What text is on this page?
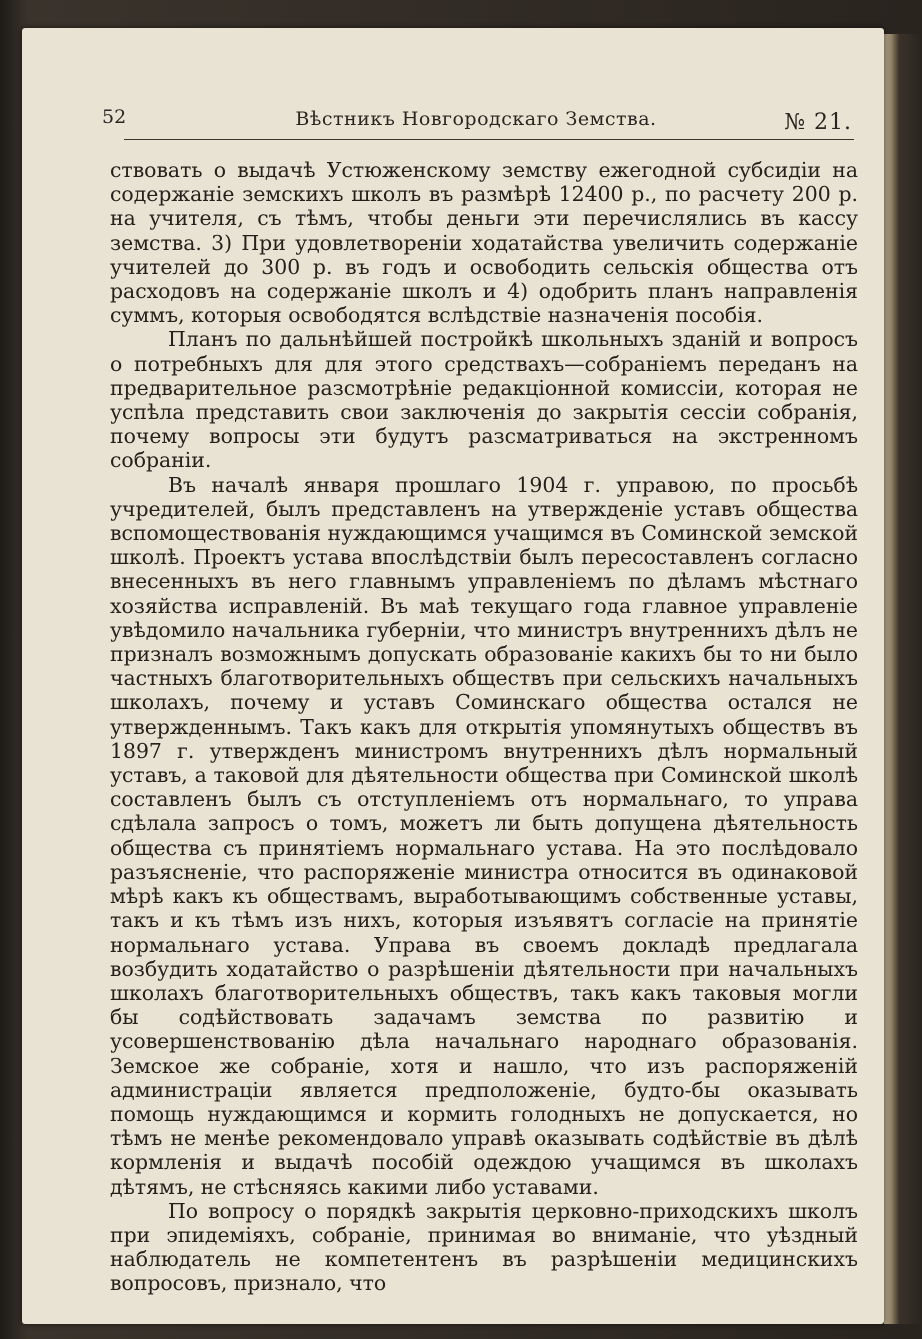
52	Вѣстникъ Новгородскаго Земства.	№ 21.

ствовать о выдачѣ Устюженскому земству ежегодной субсидіи на содержаніе земскихъ школъ въ размѣрѣ 12400 р., по расчету 200 р. на учителя, съ тѣмъ, чтобы деньги эти перечислялись въ кассу земства. 3) При удовлетвореніи ходатайства увеличить содержаніе учителей до 300 р. въ годъ и освободить сельскія общества отъ расходовъ на содержаніе школъ и 4) одобрить планъ направленія суммъ, которыя освободятся вслѣдствіе назначенія пособія.

Планъ по дальнѣйшей постройкѣ школьныхъ зданій и вопросъ о потребныхъ для для этого средствахъ—собраніемъ переданъ на предварительное разсмотрѣніе редакціонной комиссіи, которая не успѣла представить свои заключенія до закрытія сессіи собранія, почему вопросы эти будутъ разсматриваться на экстренномъ собраніи.

Въ началѣ января прошлаго 1904 г. управою, по просьбѣ учредителей, былъ представленъ на утвержденіе уставъ общества вспомоществованія нуждающимся учащимся въ Соминской земской школѣ. Проектъ устава впослѣдствіи былъ пересоставленъ согласно внесенныхъ въ него главнымъ управленіемъ по дѣламъ мѣстнаго хозяйства исправленій. Въ маѣ текущаго года главное управленіе увѣдомило начальника губерніи, что министръ внутреннихъ дѣлъ не призналъ возможнымъ допускать образованіе какихъ бы то ни было частныхъ благотворительныхъ обществъ при сельскихъ начальныхъ школахъ, почему и уставъ Соминскаго общества остался не утвержденнымъ. Такъ какъ для открытія упомянутыхъ обществъ въ 1897 г. утвержденъ министромъ внутреннихъ дѣлъ нормальный уставъ, а таковой для дѣятельности общества при Соминской школѣ составленъ былъ съ отступленіемъ отъ нормальнаго, то управа сдѣлала запросъ о томъ, можетъ ли быть допущена дѣятельность общества съ принятіемъ нормальнаго устава. На это послѣдовало разъясненіе, что распоряженіе министра относится въ одинаковой мѣрѣ какъ къ обществамъ, выработывающимъ собственные уставы, такъ и къ тѣмъ изъ нихъ, которыя изъявятъ согласіе на принятіе нормальнаго устава. Управа въ своемъ докладѣ предлагала возбудить ходатайство о разрѣшеніи дѣятельности при начальныхъ школахъ благотворительныхъ обществъ, такъ какъ таковыя могли бы содѣйствовать задачамъ земства по развитію и усовершенствованію дѣла начальнаго народнаго образованія. Земское же собраніе, хотя и нашло, что изъ распоряженій администраціи является предположеніе, будто-бы оказывать помощь нуждающимся и кормить голодныхъ не допускается, но тѣмъ не менѣе рекомендовало управѣ оказывать содѣйствіе въ дѣлѣ кормленія и выдачѣ пособій одеждою учащимся въ школахъ дѣтямъ, не стѣсняясь какими либо уставами.

По вопросу о порядкѣ закрытія церковно-приходскихъ школъ при эпидеміяхъ, собраніе, принимая во вниманіе, что уѣздный наблюдатель не компетентенъ въ разрѣшеніи медицинскихъ вопросовъ, признало, что
